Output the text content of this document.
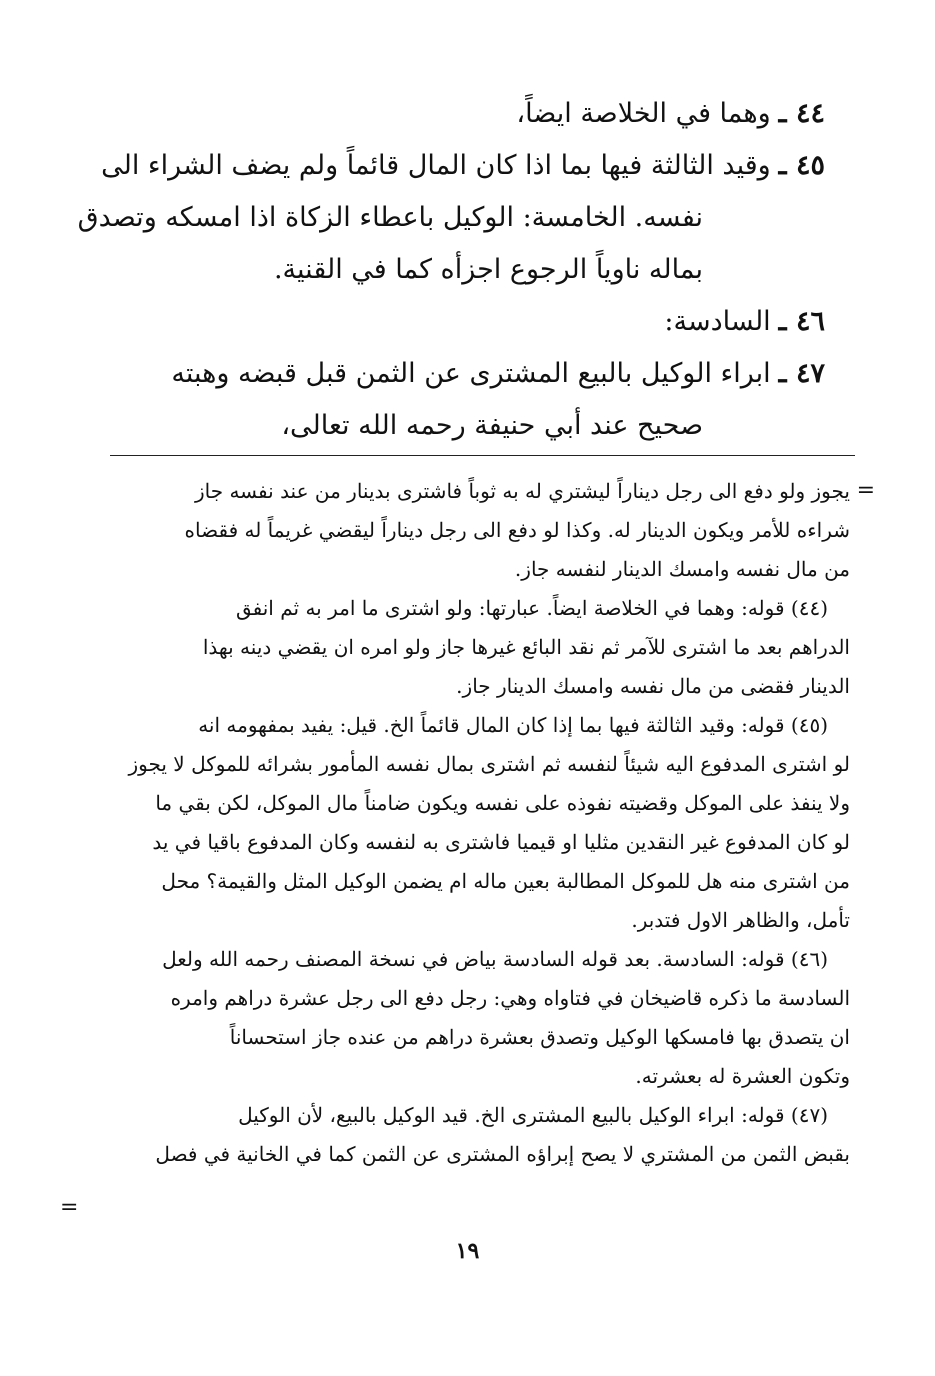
٤٤ ـوهما في الخلاصة ايضاً،
٤٥ ـوقيد الثالثة فيها بما اذا كان المال قائماً ولم يضف الشراء الى
نفسه. الخامسة: الوكيل باعطاء الزكاة اذا امسكه وتصدق
بماله ناوياً الرجوع اجزأه كما في القنية.
٤٦ ـالسادسة:
٤٧ ـابراء الوكيل بالبيع المشترى عن الثمن قبل قبضه وهبته
صحيح عند أبي حنيفة رحمه الله تعالى،
=
يجوز ولو دفع الى رجل ديناراً ليشتري له به ثوباً فاشترى بدينار من عند نفسه جاز
شراءه للأمر ويكون الدينار له. وكذا لو دفع الى رجل ديناراً ليقضي غريماً له فقضاه
من مال نفسه وامسك الدينار لنفسه جاز.
(٤٤) قوله: وهما في الخلاصة ايضاً. عبارتها: ولو اشترى ما امر به ثم انفق
الدراهم بعد ما اشترى للآمر ثم نقد البائع غيرها جاز ولو امره ان يقضي دينه بهذا
الدينار فقضى من مال نفسه وامسك الدينار جاز.
(٤٥) قوله: وقيد الثالثة فيها بما إذا كان المال قائماً الخ. قيل: يفيد بمفهومه انه
لو اشترى المدفوع اليه شيئاً لنفسه ثم اشترى بمال نفسه المأمور بشرائه للموكل لا يجوز
ولا ينفذ على الموكل وقضيته نفوذه على نفسه ويكون ضامناً مال الموكل، لكن بقي ما
لو كان المدفوع غير النقدين مثليا او قيميا فاشترى به لنفسه وكان المدفوع باقيا في يد
من اشترى منه هل للموكل المطالبة بعين ماله ام يضمن الوكيل المثل والقيمة؟ محل
تأمل، والظاهر الاول فتدبر.
(٤٦) قوله: السادسة. بعد قوله السادسة بياض في نسخة المصنف رحمه الله ولعل
السادسة ما ذكره قاضيخان في فتاواه وهي: رجل دفع الى رجل عشرة دراهم وامره
ان يتصدق بها فامسكها الوكيل وتصدق بعشرة دراهم من عنده جاز استحساناً
وتكون العشرة له بعشرته.
(٤٧) قوله: ابراء الوكيل بالبيع المشترى الخ. قيد الوكيل بالبيع، لأن الوكيل
بقبض الثمن من المشتري لا يصح إبراؤه المشترى عن الثمن كما في الخانية في فصل
=
١٩
